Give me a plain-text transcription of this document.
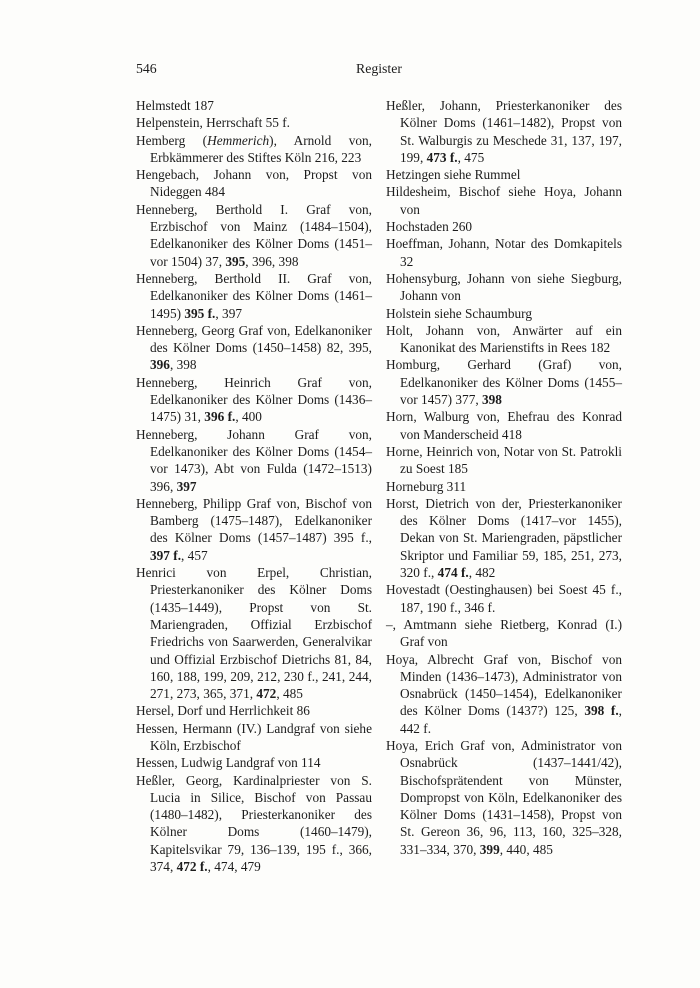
546	Register

Helmstedt 187

Helpenstein, Herrschaft 55 f.

Hemberg (Hemmerich), Arnold von, Erbkämmerer des Stiftes Köln 216, 223

Hengebach, Johann von, Propst von Nideggen 484

Henneberg, Berthold I. Graf von, Erzbischof von Mainz (1484–1504), Edelkanoniker des Kölner Doms (1451–vor 1504) 37, 395, 396, 398

Henneberg, Berthold II. Graf von, Edelkanoniker des Kölner Doms (1461–1495) 395 f., 397

Henneberg, Georg Graf von, Edelkanoniker des Kölner Doms (1450–1458) 82, 395, 396, 398

Henneberg, Heinrich Graf von, Edelkanoniker des Kölner Doms (1436–1475) 31, 396 f., 400

Henneberg, Johann Graf von, Edelkanoniker des Kölner Doms (1454–vor 1473), Abt von Fulda (1472–1513) 396, 397

Henneberg, Philipp Graf von, Bischof von Bamberg (1475–1487), Edelkanoniker des Kölner Doms (1457–1487) 395 f., 397 f., 457

Henrici von Erpel, Christian, Priesterkanoniker des Kölner Doms (1435–1449), Propst von St. Mariengraden, Offizial Erzbischof Friedrichs von Saarwerden, Generalvikar und Offizial Erzbischof Dietrichs 81, 84, 160, 188, 199, 209, 212, 230 f., 241, 244, 271, 273, 365, 371, 472, 485

Hersel, Dorf und Herrlichkeit 86

Hessen, Hermann (IV.) Landgraf von siehe Köln, Erzbischof

Hessen, Ludwig Landgraf von 114

Heßler, Georg, Kardinalpriester von S. Lucia in Silice, Bischof von Passau (1480–1482), Priesterkanoniker des Kölner Doms (1460–1479), Kapitelsvikar 79, 136–139, 195 f., 366, 374, 472 f., 474, 479

Heßler, Johann, Priesterkanoniker des Kölner Doms (1461–1482), Propst von St. Walburgis zu Meschede 31, 137, 197, 199, 473 f., 475

Hetzingen siehe Rummel

Hildesheim, Bischof siehe Hoya, Johann von

Hochstaden 260

Hoeffman, Johann, Notar des Domkapitels 32

Hohensyburg, Johann von siehe Siegburg, Johann von

Holstein siehe Schaumburg

Holt, Johann von, Anwärter auf ein Kanonikat des Marienstifts in Rees 182

Homburg, Gerhard (Graf) von, Edelkanoniker des Kölner Doms (1455–vor 1457) 377, 398

Horn, Walburg von, Ehefrau des Konrad von Manderscheid 418

Horne, Heinrich von, Notar von St. Patrokli zu Soest 185

Horneburg 311

Horst, Dietrich von der, Priesterkanoniker des Kölner Doms (1417–vor 1455), Dekan von St. Mariengraden, päpstlicher Skriptor und Familiar 59, 185, 251, 273, 320 f., 474 f., 482

Hovestadt (Oestinghausen) bei Soest 45 f., 187, 190 f., 346 f.

–, Amtmann siehe Rietberg, Konrad (I.) Graf von

Hoya, Albrecht Graf von, Bischof von Minden (1436–1473), Administrator von Osnabrück (1450–1454), Edelkanoniker des Kölner Doms (1437?) 125, 398 f., 442 f.

Hoya, Erich Graf von, Administrator von Osnabrück (1437–1441/42), Bischofsprätendent von Münster, Dompropst von Köln, Edelkanoniker des Kölner Doms (1431–1458), Propst von St. Gereon 36, 96, 113, 160, 325–328, 331–334, 370, 399, 440, 485
